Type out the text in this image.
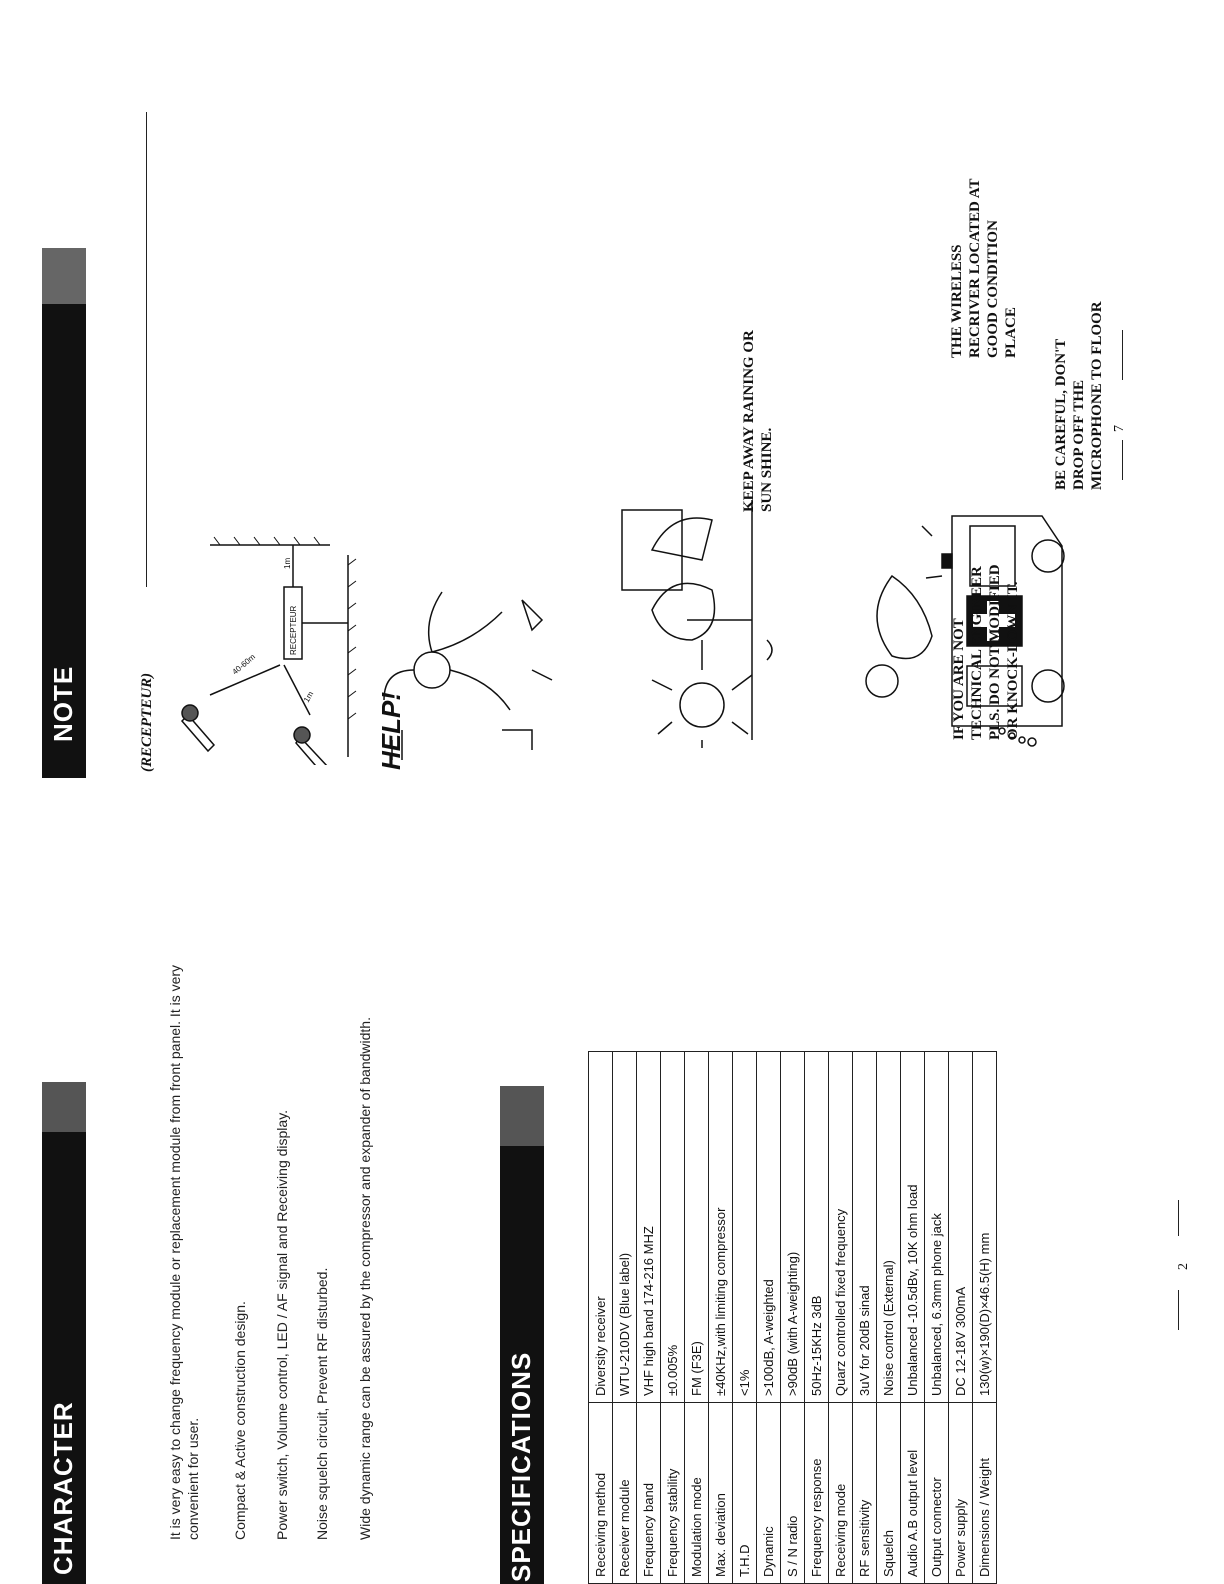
CHARACTER	It is very easy to change frequency module or replacement module from front panel. It is very convenient for user. Compact & Active construction design. Power switch, Volume control, LED / AF signal and Receiving display. Noise squelch circuit, Prevent RF disturbed. Wide dynamic range can be assured by the compressor and expander of bandwidth.	SPECIFICATIONS	Receiving method	Diversity receiver
Receiver module	WTU-210DV (Blue label)
Frequency band	VHF high band 174-216 MHZ
Frequency stability	±0.005%
Modulation mode	FM (F3E)
Max. deviation	±40KHz,with limiting compressor
T.H.D	<1%
Dynamic	>100dB, A-weighted
S / N radio	>90dB (with A-weighting)
Frequency response	50Hz-15KHz 3dB
Receiving mode	Quarz controlled fixed frequency
RF sensitivity	3uV for 20dB sinad
Squelch	Noise control (External)
Audio A.B output level	Unbalanced -10.5dBv, 10K ohm load
Output connector	Unbalanced, 6.3mm phone jack
Power supply	DC 12-18V 300mA
Dimensions / Weight	130(w)×190(D)×46.5(H) mm	2
NOTE	(RECEPTEUR)
RECEPTEUR
40-60m
1m
1m
HELP!
THE WIRELESS RECRIVER LOCATED AT GOOD CONDITION PLACE
BE CAREFUL, DON'T DROP OFF THE MICROPHONE TO FLOOR
KEEP AWAY RAINING OR SUN SHINE.
IF YOU ARE NOT TECHNICAL ENGINEER PLS. DO NOT MODIFIED OR KNOCK-DOWN IT.
7
